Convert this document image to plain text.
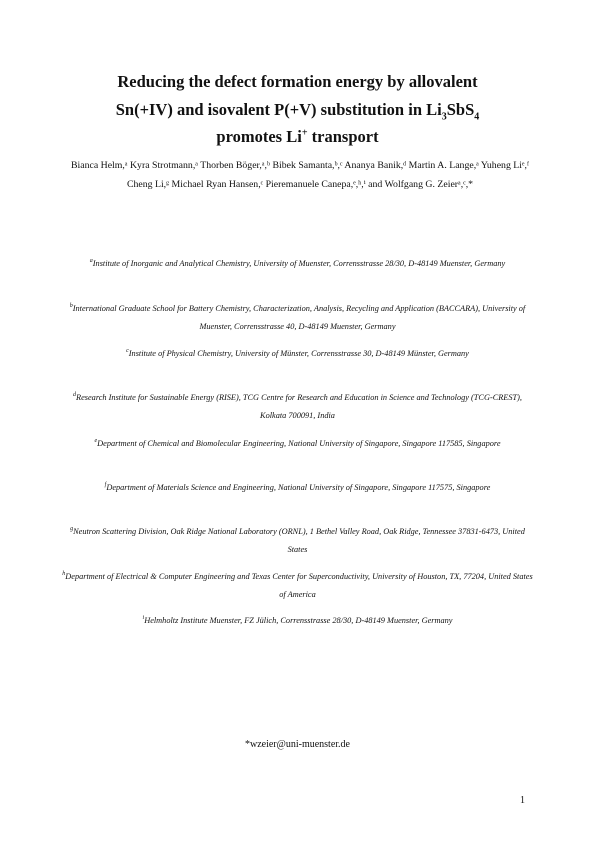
Reducing the defect formation energy by allovalent
Sn(+IV) and isovalent P(+V) substitution in $Li_3SbS_4$
promotes Li+ transport
Bianca Helm,ᵃ Kyra Strotmann,ᵃ Thorben Böger,ᵃ,ᵇ Bibek Samanta,ᵇ,ᶜ Ananya Banik,ᵈ Martin A. Lange,ᵃ Yuheng Liᵉ,ᶠ Cheng Li,ᵍ Michael Ryan Hansen,ᶜ Pieremanuele Canepa,ᵉ,ʰ,ⁱ and Wolfgang G. Zeierᵃ,ᶜ,*
$^a$Institute of Inorganic and Analytical Chemistry, University of Muenster, Corrensstrasse 28/30, D-48149 Muenster, Germany
$^b$International Graduate School for Battery Chemistry, Characterization, Analysis, Recycling and Application (BACCARA), University of Muenster, Corrensstrasse 40, D-48149 Muenster, Germany
$^c$Institute of Physical Chemistry, University of Münster, Corrensstrasse 30, D-48149 Münster, Germany
$^d$Research Institute for Sustainable Energy (RISE), TCG Centre for Research and Education in Science and Technology (TCG-CREST), Kolkata 700091, India
$^e$Department of Chemical and Biomolecular Engineering, National University of Singapore, Singapore 117585, Singapore
$^f$Department of Materials Science and Engineering, National University of Singapore, Singapore 117575, Singapore
$^g$Neutron Scattering Division, Oak Ridge National Laboratory (ORNL), 1 Bethel Valley Road, Oak Ridge, Tennessee 37831-6473, United States
$^h$Department of Electrical & Computer Engineering and Texas Center for Superconductivity, University of Houston, TX, 77204, United States of America
$^i$Helmholtz Institute Muenster, FZ Jülich, Corrensstrasse 28/30, D-48149 Muenster, Germany
*wzeier@uni-muenster.de
1
